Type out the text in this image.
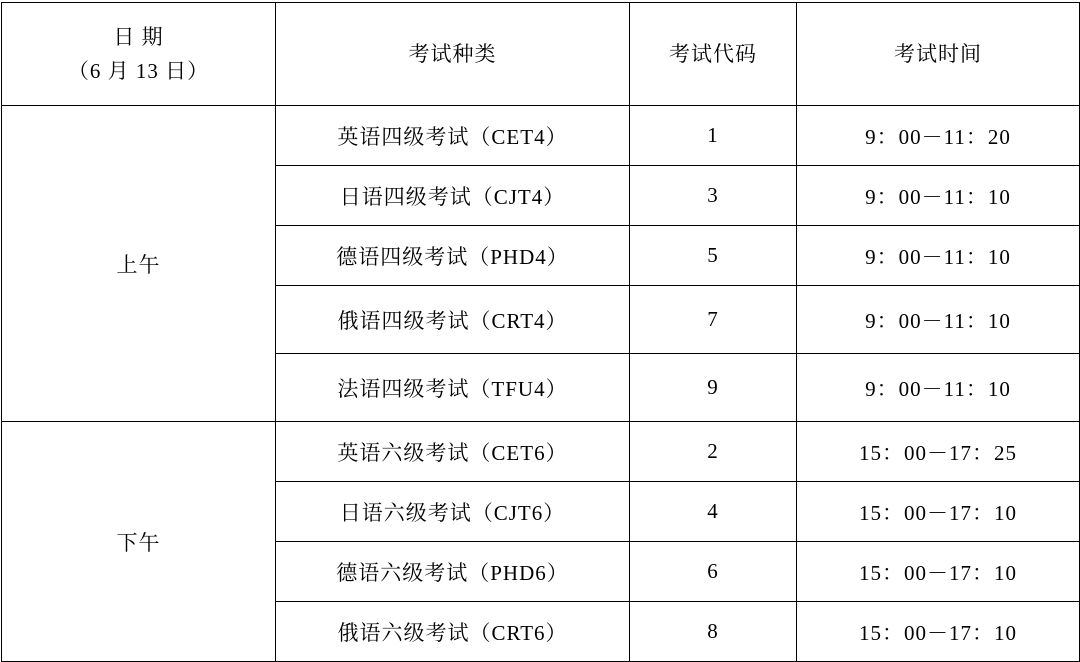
日 期
（6 月 13 日）	考试种类	考试代码	考试时间
上午	英语四级考试（CET4）	1	9：00－11：20
	日语四级考试（CJT4）	3	9：00－11：10
	德语四级考试（PHD4）	5	9：00－11：10
	俄语四级考试（CRT4）	7	9：00－11：10
	法语四级考试（TFU4）	9	9：00－11：10
下午	英语六级考试（CET6）	2	15：00－17：25
	日语六级考试（CJT6）	4	15：00－17：10
	德语六级考试（PHD6）	6	15：00－17：10
	俄语六级考试（CRT6）	8	15：00－17：10
